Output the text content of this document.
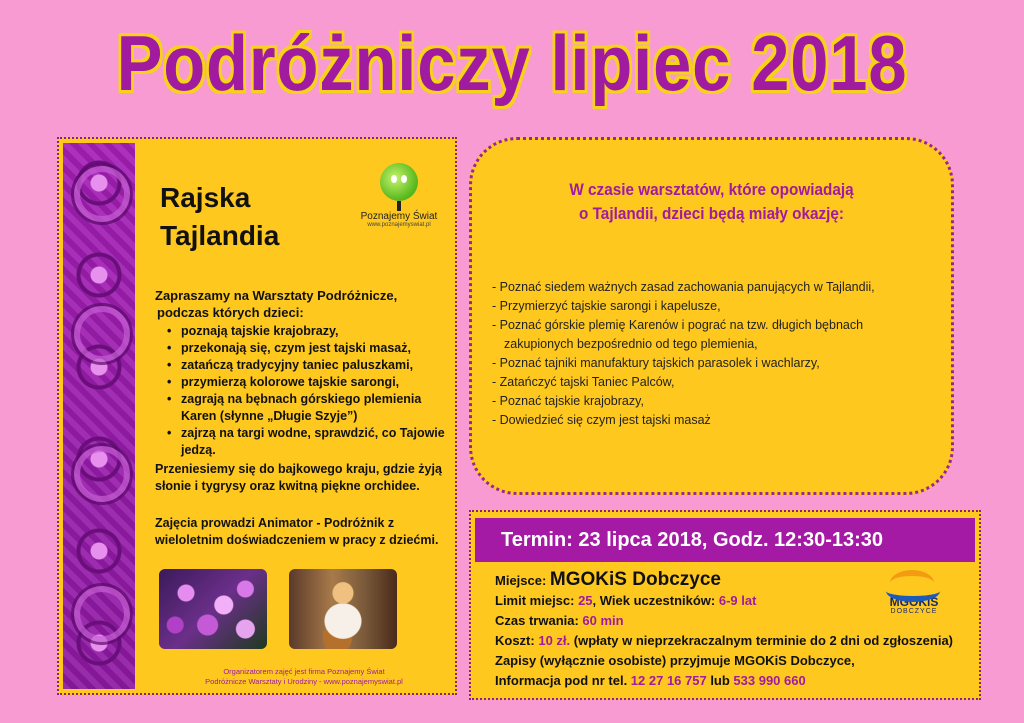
Podróżniczy lipiec 2018
Rajska
Tajlandia
Poznajemy Świat
www.poznajemyswiat.pl
Zapraszamy na Warsztaty Podróżnicze,
podczas których dzieci:
• poznają tajskie krajobrazy,
• przekonają się, czym jest tajski masaż,
• zatańczą tradycyjny taniec paluszkami,
• przymierzą kolorowe tajskie sarongi,
• zagrają na bębnach górskiego plemienia Karen (słynne „Długie Szyje”)
• zajrzą na targi wodne, sprawdzić, co Tajowie jedzą.
Przeniesiemy się do bajkowego kraju, gdzie żyją słonie i tygrysy oraz kwitną piękne orchidee.
Zajęcia prowadzi Animator - Podróżnik z wieloletnim doświadczeniem w pracy z dziećmi.
Organizatorem zajęć jest firma Poznajemy Świat
Podróżnicze Warsztaty i Urodziny - www.poznajemyswiat.pl
W czasie warsztatów, które opowiadają
o Tajlandii, dzieci będą miały okazję:
- Poznać siedem ważnych zasad zachowania panujących w Tajlandii,
- Przymierzyć tajskie sarongi i kapelusze,
- Poznać górskie plemię Karenów i pograć na tzw. długich bębnach
zakupionych bezpośrednio od tego plemienia,
- Poznać tajniki manufaktury tajskich parasolek i wachlarzy,
- Zatańczyć tajski Taniec Palców,
- Poznać tajskie krajobrazy,
- Dowiedzieć się czym jest tajski masaż
Termin: 23 lipca 2018, Godz. 12:30-13:30
Miejsce: MGOKiS Dobczyce
Limit miejsc: 25, Wiek uczestników: 6-9 lat
Czas trwania: 60 min
Koszt: 10 zł. (wpłaty w nieprzekraczalnym terminie do 2 dni od zgłoszenia)
Zapisy (wyłącznie osobiste) przyjmuje MGOKiS Dobczyce,
Informacja pod nr tel. 12 27 16 757 lub 533 990 660
MGOKiS
DOBCZYCE
